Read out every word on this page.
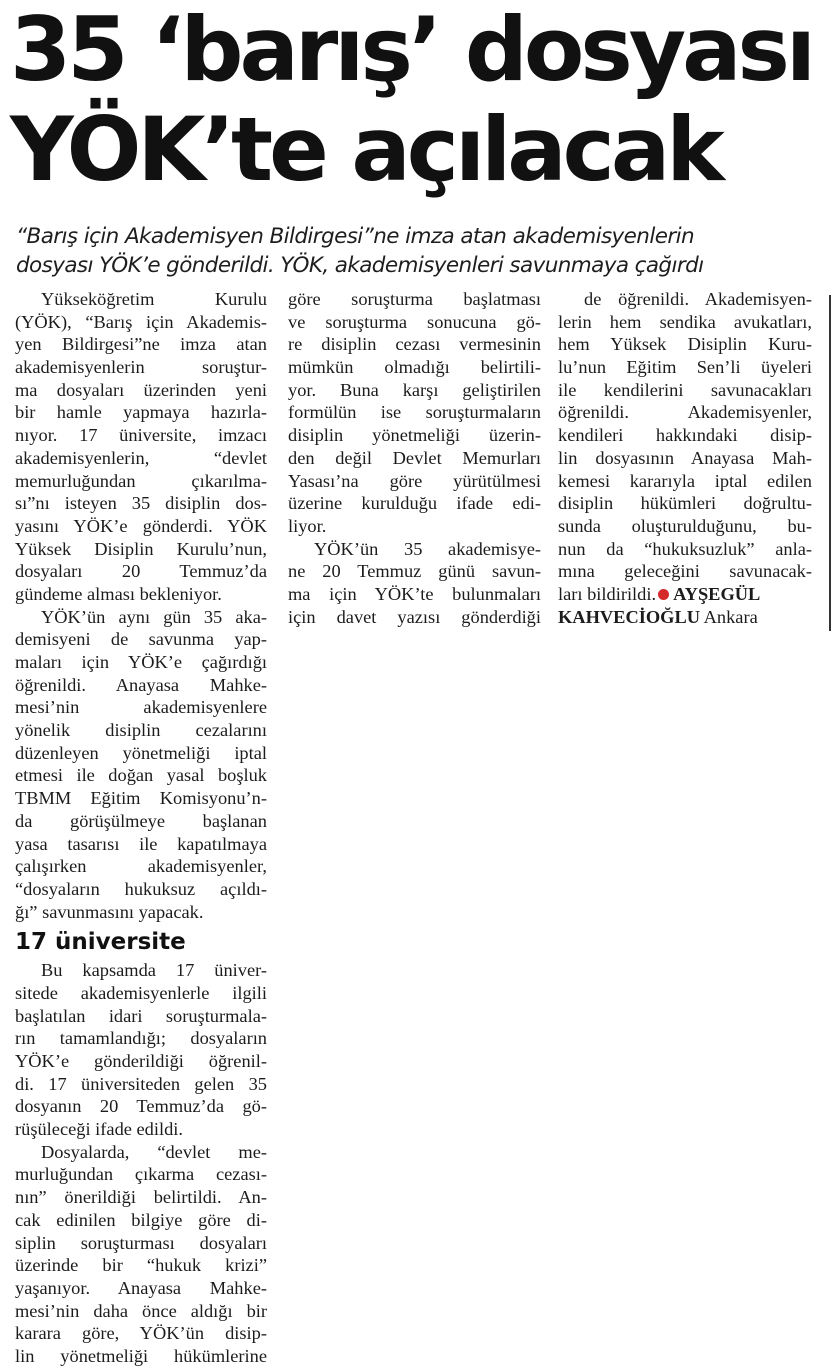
35 ‘barış’ dosyası
YÖK’te açılacak
“Barış için Akademisyen Bildirgesi”ne imza atan akademisyenlerin
dosyası YÖK’e gönderildi. YÖK, akademisyenleri savunmaya çağırdı
Yükseköğretim Kurulu
(YÖK), “Barış için Akademis-
yen Bildirgesi”ne imza atan
akademisyenlerin soruştur-
ma dosyaları üzerinden yeni
bir hamle yapmaya hazırla-
nıyor. 17 üniversite, imzacı
akademisyenlerin, “devlet
memurluğundan çıkarılma-
sı”nı isteyen 35 disiplin dos-
yasını YÖK’e gönderdi. YÖK
Yüksek Disiplin Kurulu’nun,
dosyaları 20 Temmuz’da
gündeme alması bekleniyor.
YÖK’ün aynı gün 35 aka-
demisyeni de savunma yap-
maları için YÖK’e çağırdığı
öğrenildi. Anayasa Mahke-
mesi’nin akademisyenlere
yönelik disiplin cezalarını
düzenleyen yönetmeliği iptal
etmesi ile doğan yasal boşluk
TBMM Eğitim Komisyonu’n-
da görüşülmeye başlanan
yasa tasarısı ile kapatılmaya
çalışırken akademisyenler,
“dosyaların hukuksuz açıldı-
ğı” savunmasını yapacak.
17 üniversite
Bu kapsamda 17 üniver-
sitede akademisyenlerle ilgili
başlatılan idari soruşturmala-
rın tamamlandığı; dosyaların
YÖK’e gönderildiği öğrenil-
di. 17 üniversiteden gelen 35
dosyanın 20 Temmuz’da gö-
rüşüleceği ifade edildi.
Dosyalarda, “devlet me-
murluğundan çıkarma cezası-
nın” önerildiği belirtildi. An-
cak edinilen bilgiye göre di-
siplin soruşturması dosyaları
üzerinde bir “hukuk krizi”
yaşanıyor. Anayasa Mahke-
mesi’nin daha önce aldığı bir
karara göre, YÖK’ün disip-
lin yönetmeliği hükümlerine
göre soruşturma başlatması
ve soruşturma sonucuna gö-
re disiplin cezası vermesinin
mümkün olmadığı belirtili-
yor. Buna karşı geliştirilen
formülün ise soruşturmaların
disiplin yönetmeliği üzerin-
den değil Devlet Memurları
Yasası’na göre yürütülmesi
üzerine kurulduğu ifade edi-
liyor.
YÖK’ün 35 akademisye-
ne 20 Temmuz günü savun-
ma için YÖK’te bulunmaları
için davet yazısı gönderdiği
de öğrenildi. Akademisyen-
lerin hem sendika avukatları,
hem Yüksek Disiplin Kuru-
lu’nun Eğitim Sen’li üyeleri
ile kendilerini savunacakları
öğrenildi. Akademisyenler,
kendileri hakkındaki disip-
lin dosyasının Anayasa Mah-
kemesi kararıyla iptal edilen
disiplin hükümleri doğrultu-
sunda oluşturulduğunu, bu-
nun da “hukuksuzluk” anla-
mına geleceğini savunacak-
ları bildirildi. AYŞEGÜL
KAHVECİOĞLU Ankara
